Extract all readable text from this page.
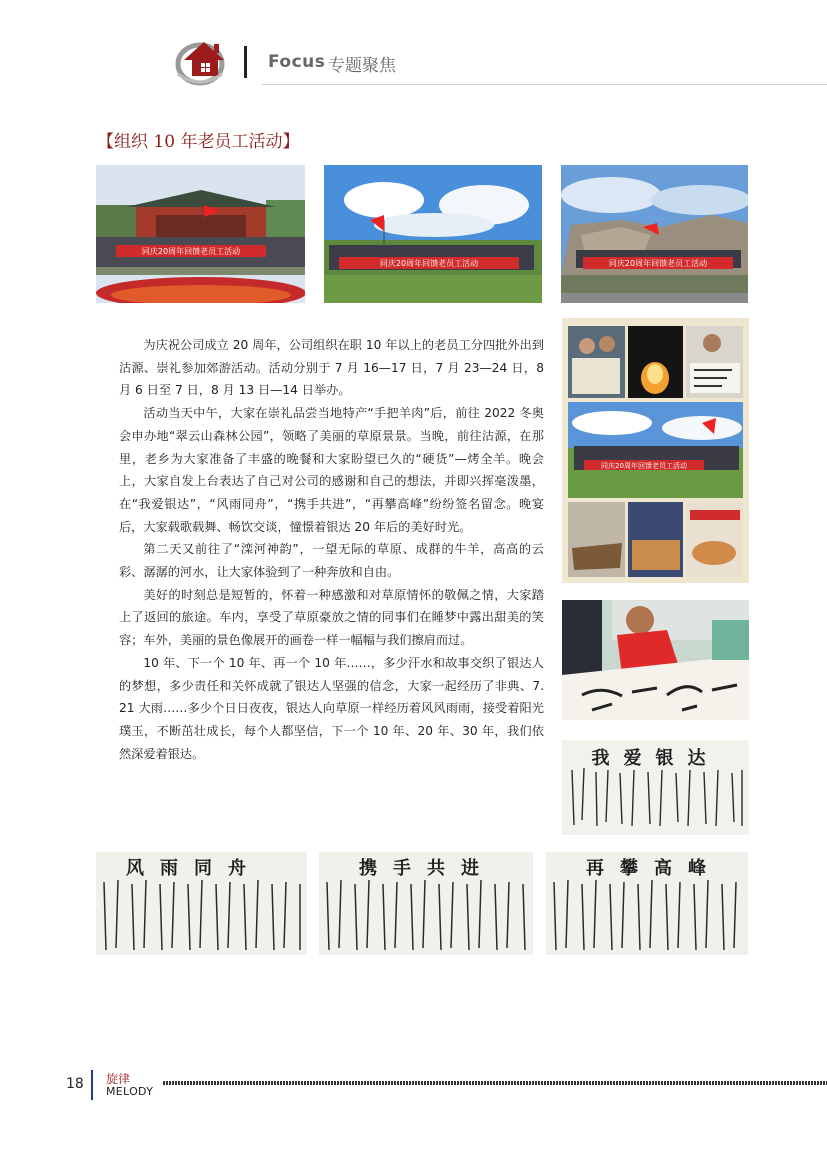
Focus 专题聚焦
【组织 10 年老员工活动】
同庆20周年回馈老员工活动
同庆20周年回馈老员工活动	同庆20周年回馈老员工活动

为庆祝公司成立 20 周年，公司组织在职 10 年以上的老员工分四批外出到沽源、崇礼参加郊游活动。活动分别于 7 月 16—17 日，7 月 23—24 日，8 月 6 日至 7 日，8 月 13 日—14 日举办。

活动当天中午，大家在崇礼品尝当地特产“手把羊肉”后，前往 2022 冬奥会申办地“翠云山森林公园”，领略了美丽的草原景景。当晚，前往沽源，在那里，老乡为大家准备了丰盛的晚餐和大家盼望已久的“硬货”—烤全羊。晚会上，大家自发上台表达了自己对公司的感谢和自己的想法，并即兴挥毫泼墨，在“我爱银达”，“风雨同舟”，“携手共进”，“再攀高峰”纷纷签名留念。晚宴后，大家载歌载舞、畅饮交谈，憧憬着银达 20 年后的美好时光。

第二天又前往了“滦河神韵”，一望无际的草原、成群的牛羊，高高的云彩、潺潺的河水，让大家体验到了一种奔放和自由。

美好的时刻总是短暂的，怀着一种感激和对草原情怀的敬佩之情，大家踏上了返回的旅途。车内，享受了草原豪放之情的同事们在睡梦中露出甜美的笑容；车外，美丽的景色像展开的画卷一样一幅幅与我们擦肩而过。

10 年、下一个 10 年、再一个 10 年……，多少汗水和故事交织了银达人的梦想，多少责任和关怀成就了银达人坚强的信念，大家一起经历了非典、7. 21 大雨……多少个日日夜夜，银达人向草原一样经历着风风雨雨，接受着阳光璞玉，不断茁壮成长，每个人都坚信，下一个 10 年、20 年、30 年，我们依然深爱着银达。

同庆20周年回馈老员工活动
我爱银达
风雨同舟	携手共进	再攀高峰
18 旋律
MELODY
